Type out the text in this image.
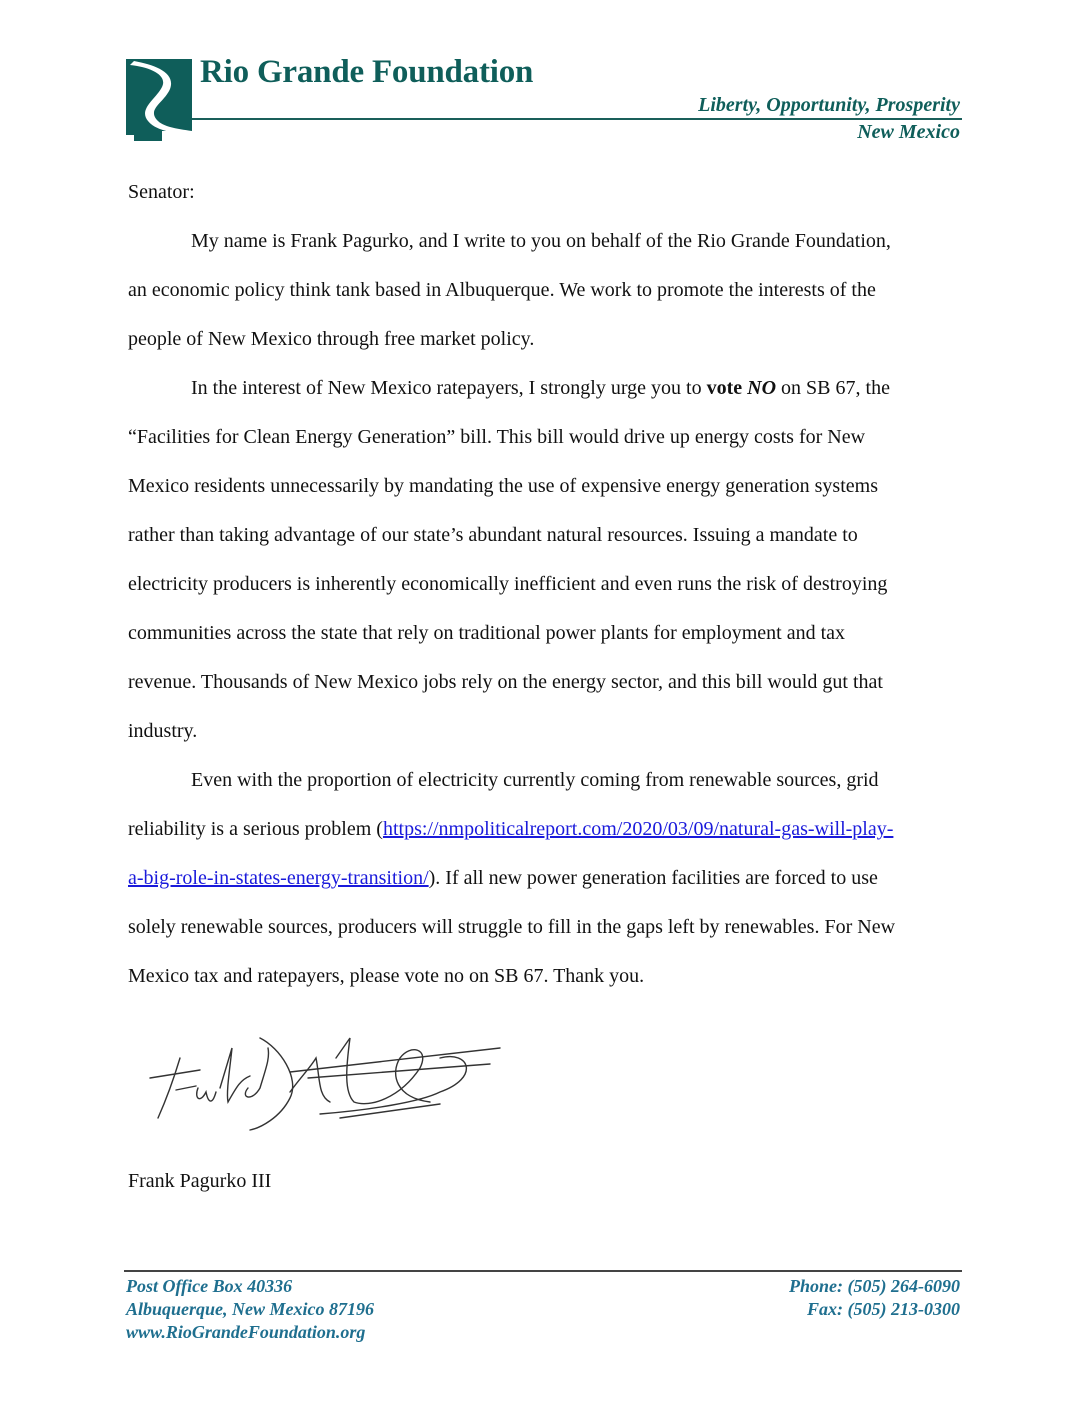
Rio Grande Foundation
Liberty, Opportunity, Prosperity
New Mexico
Senator:
My name is Frank Pagurko, and I write to you on behalf of the Rio Grande Foundation,
an economic policy think tank based in Albuquerque. We work to promote the interests of the
people of New Mexico through free market policy.
In the interest of New Mexico ratepayers, I strongly urge you to vote NO on SB 67, the
“Facilities for Clean Energy Generation” bill. This bill would drive up energy costs for New
Mexico residents unnecessarily by mandating the use of expensive energy generation systems
rather than taking advantage of our state’s abundant natural resources. Issuing a mandate to
electricity producers is inherently economically inefficient and even runs the risk of destroying
communities across the state that rely on traditional power plants for employment and tax
revenue. Thousands of New Mexico jobs rely on the energy sector, and this bill would gut that
industry.
Even with the proportion of electricity currently coming from renewable sources, grid
reliability is a serious problem (https://nmpoliticalreport.com/2020/03/09/natural-gas-will-play-
a-big-role-in-states-energy-transition/). If all new power generation facilities are forced to use
solely renewable sources, producers will struggle to fill in the gaps left by renewables. For New
Mexico tax and ratepayers, please vote no on SB 67. Thank you.
Frank Pagurko III
Post Office Box 40336
Albuquerque, New Mexico 87196
www.RioGrandeFoundation.org
Phone: (505) 264-6090
Fax: (505) 213-0300
